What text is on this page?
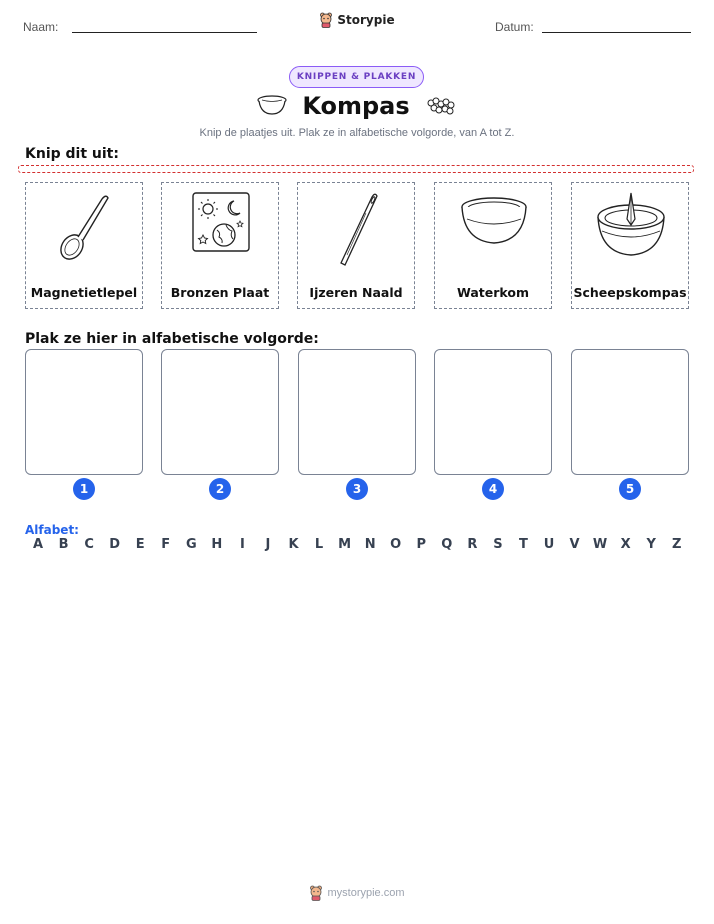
Naam:	Storypie	Datum:
KNIPPEN & PLAKKEN
Kompas
Knip de plaatjes uit. Plak ze in alfabetische volgorde, van A tot Z.
Knip dit uit:
Magnetietlepel	Bronzen Plaat	Ijzeren Naald	Waterkom	Scheepskompas
Plak ze hier in alfabetische volgorde:
1	2	3	4	5
Alfabet:
A	B	C	D	E	F	G	H	I	J	K	L	M	N	O	P	Q	R	S	T	U	V	W	X	Y	Z
mystorypie.com
